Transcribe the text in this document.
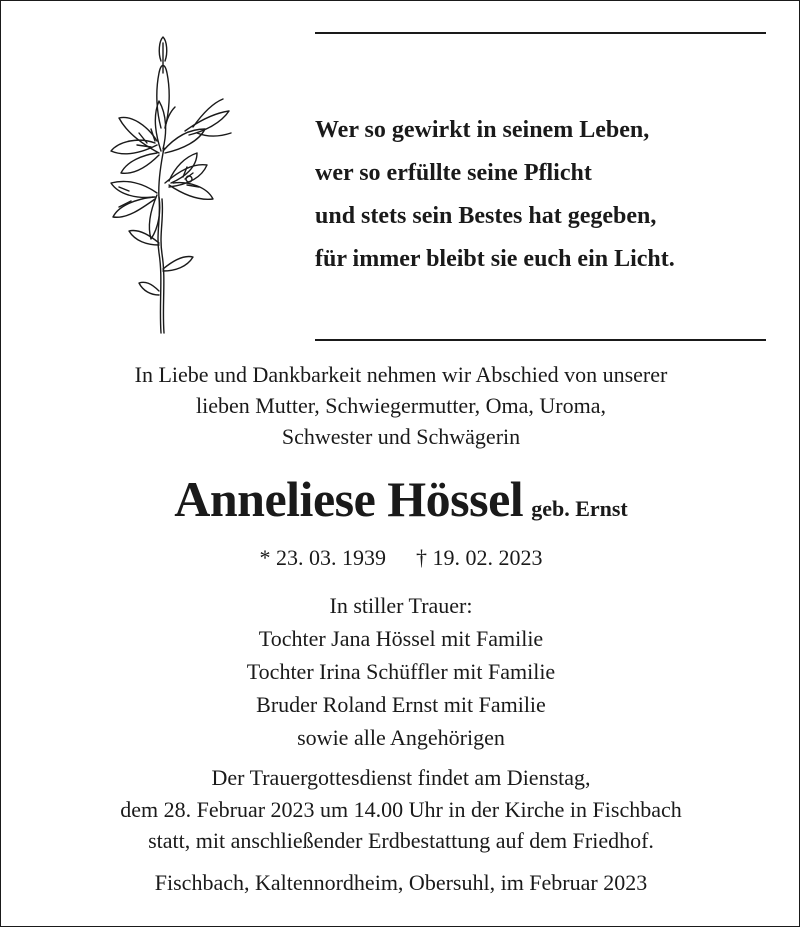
Wer so gewirkt in seinem Leben,
wer so erfüllte seine Pflicht
und stets sein Bestes hat gegeben,
für immer bleibt sie euch ein Licht.
In Liebe und Dankbarkeit nehmen wir Abschied von unserer
lieben Mutter, Schwiegermutter, Oma, Uroma,
Schwester und Schwägerin
Anneliese Hössel geb. Ernst
* 23. 03. 1939 † 19. 02. 2023
In stiller Trauer:
Tochter Jana Hössel mit Familie
Tochter Irina Schüffler mit Familie
Bruder Roland Ernst mit Familie
sowie alle Angehörigen
Der Trauergottesdienst findet am Dienstag,
dem 28. Februar 2023 um 14.00 Uhr in der Kirche in Fischbach
statt, mit anschließender Erdbestattung auf dem Friedhof.
Fischbach, Kaltennordheim, Obersuhl, im Februar 2023
